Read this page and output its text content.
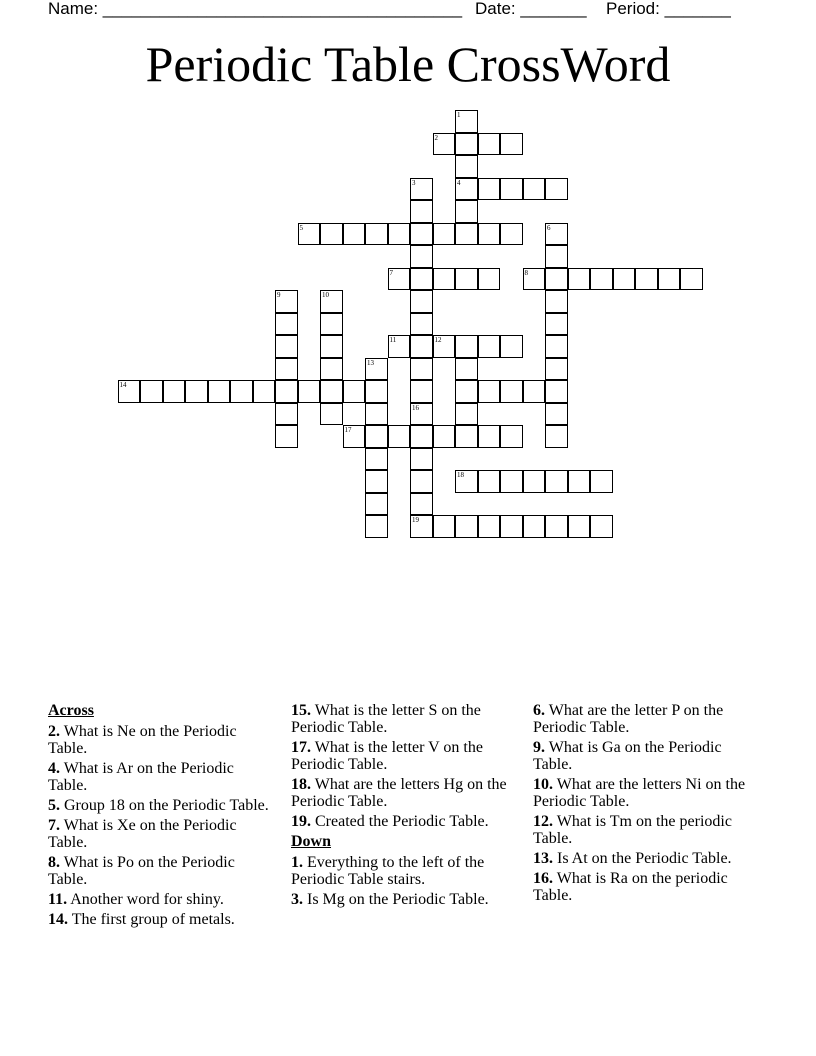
Name: ______________________________________

Date: _______

Period: _______

Periodic Table CrossWord
1
2
3	4
5	6
7	8
9	10
11	12
13
14
16
17
18
19
Across
2. What is Ne on the Periodic Table.
4. What is Ar on the Periodic Table.
5. Group 18 on the Periodic Table.
7. What is Xe on the Periodic Table.
8. What is Po on the Periodic Table.
11. Another word for shiny.
14. The first group of metals.
15. What is the letter S on the Periodic Table.
17. What is the letter V on the Periodic Table.
18. What are the letters Hg on the Periodic Table.
19. Created the Periodic Table.
Down
1. Everything to the left of the Periodic Table stairs.
3. Is Mg on the Periodic Table.
6. What are the letter P on the Periodic Table.
9. What is Ga on the Periodic Table.
10. What are the letters Ni on the Periodic Table.
12. What is Tm on the periodic Table.
13. Is At on the Periodic Table.
16. What is Ra on the periodic Table.
